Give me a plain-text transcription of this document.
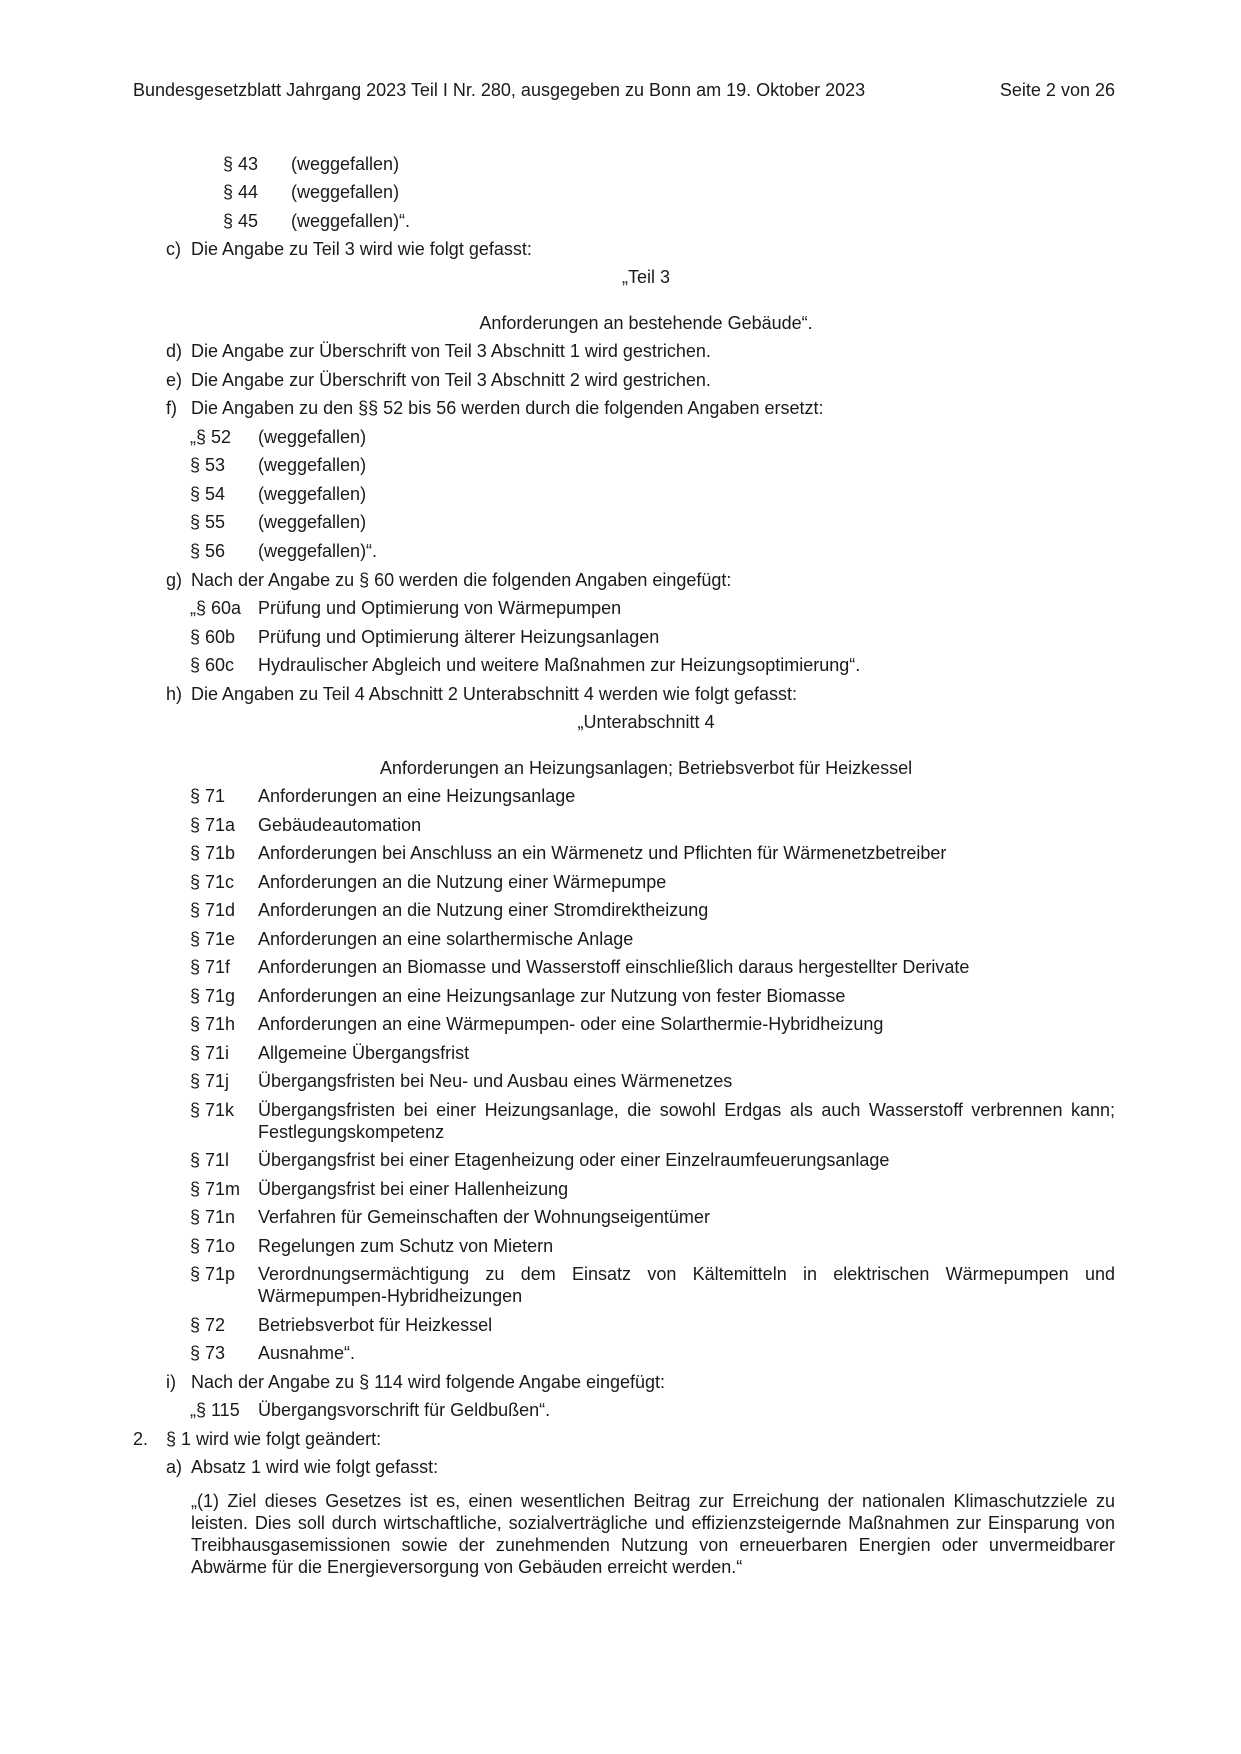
Bundesgesetzblatt Jahrgang 2023 Teil I Nr. 280, ausgegeben zu Bonn am 19. Oktober 2023	Seite 2 von 26
§ 43 (weggefallen)
§ 44 (weggefallen)
§ 45 (weggefallen)“.
c) Die Angabe zu Teil 3 wird wie folgt gefasst:
„Teil 3
Anforderungen an bestehende Gebäude“.
d) Die Angabe zur Überschrift von Teil 3 Abschnitt 1 wird gestrichen.
e) Die Angabe zur Überschrift von Teil 3 Abschnitt 2 wird gestrichen.
f) Die Angaben zu den §§ 52 bis 56 werden durch die folgenden Angaben ersetzt:
„§ 52 (weggefallen)
§ 53 (weggefallen)
§ 54 (weggefallen)
§ 55 (weggefallen)
§ 56 (weggefallen)“.
g) Nach der Angabe zu § 60 werden die folgenden Angaben eingefügt:
„§ 60a Prüfung und Optimierung von Wärmepumpen
§ 60b Prüfung und Optimierung älterer Heizungsanlagen
§ 60c Hydraulischer Abgleich und weitere Maßnahmen zur Heizungsoptimierung“.
h) Die Angaben zu Teil 4 Abschnitt 2 Unterabschnitt 4 werden wie folgt gefasst:
„Unterabschnitt 4
Anforderungen an Heizungsanlagen; Betriebsverbot für Heizkessel
§ 71 Anforderungen an eine Heizungsanlage
§ 71a Gebäudeautomation
§ 71b Anforderungen bei Anschluss an ein Wärmenetz und Pflichten für Wärmenetzbetreiber
§ 71c Anforderungen an die Nutzung einer Wärmepumpe
§ 71d Anforderungen an die Nutzung einer Stromdirektheizung
§ 71e Anforderungen an eine solarthermische Anlage
§ 71f Anforderungen an Biomasse und Wasserstoff einschließlich daraus hergestellter Derivate
§ 71g Anforderungen an eine Heizungsanlage zur Nutzung von fester Biomasse
§ 71h Anforderungen an eine Wärmepumpen- oder eine Solarthermie-Hybridheizung
§ 71i Allgemeine Übergangsfrist
§ 71j Übergangsfristen bei Neu- und Ausbau eines Wärmenetzes
§ 71k Übergangsfristen bei einer Heizungsanlage, die sowohl Erdgas als auch Wasserstoff verbrennen kann; Festlegungskompetenz
§ 71l Übergangsfrist bei einer Etagenheizung oder einer Einzelraumfeuerungsanlage
§ 71m Übergangsfrist bei einer Hallenheizung
§ 71n Verfahren für Gemeinschaften der Wohnungseigentümer
§ 71o Regelungen zum Schutz von Mietern
§ 71p Verordnungsermächtigung zu dem Einsatz von Kältemitteln in elektrischen Wärmepumpen und Wärmepumpen-Hybridheizungen
§ 72 Betriebsverbot für Heizkessel
§ 73 Ausnahme“.
i) Nach der Angabe zu § 114 wird folgende Angabe eingefügt:
„§ 115 Übergangsvorschrift für Geldbußen“.
2. § 1 wird wie folgt geändert:
a) Absatz 1 wird wie folgt gefasst:
„(1) Ziel dieses Gesetzes ist es, einen wesentlichen Beitrag zur Erreichung der nationalen Klimaschutzziele zu leisten. Dies soll durch wirtschaftliche, sozialverträgliche und effizienzsteigernde Maßnahmen zur Einsparung von Treibhausgasemissionen sowie der zunehmenden Nutzung von erneuerbaren Energien oder unvermeidbarer Abwärme für die Energieversorgung von Gebäuden erreicht werden.“
